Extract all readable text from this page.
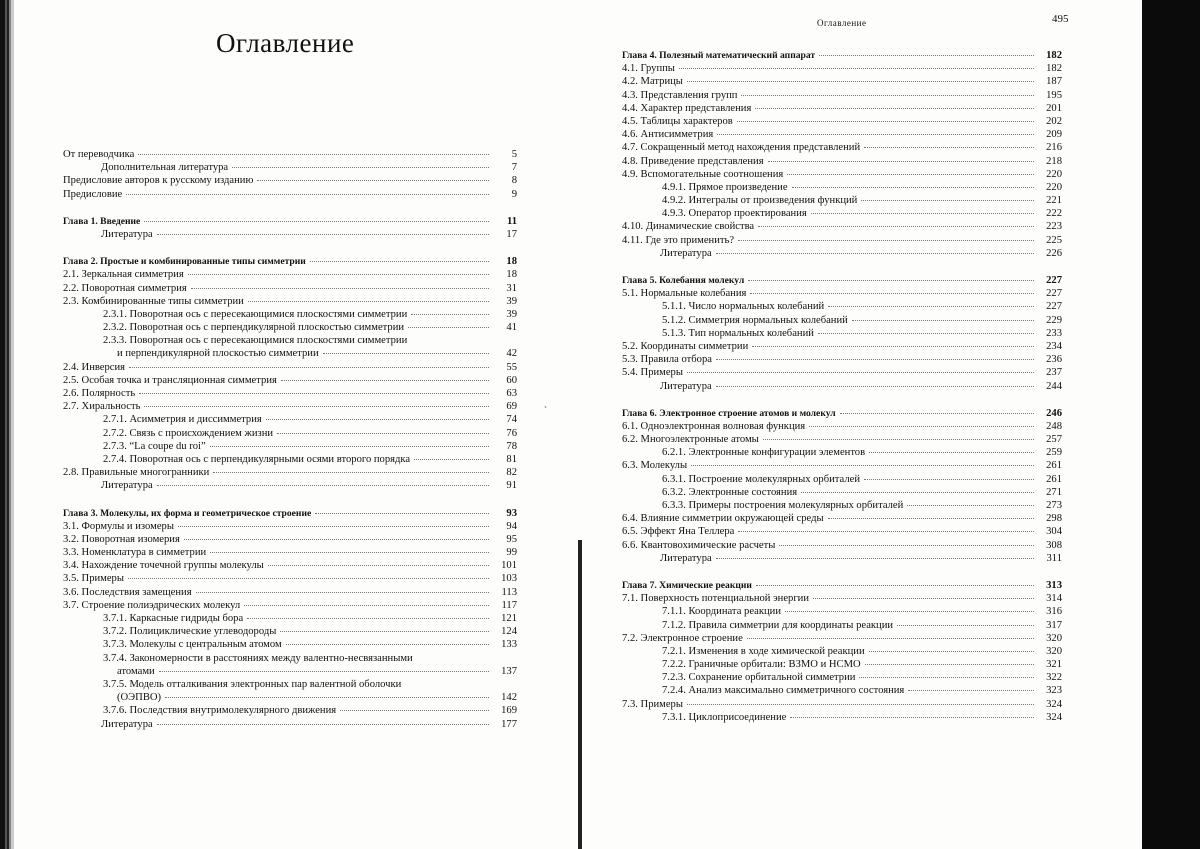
Оглавление
От переводчика	5
Дополнительная литература	7
Предисловие авторов к русскому изданию	8
Предисловие	9
Глава 1. Введение	11
Литература	17
Глава 2. Простые и комбинированные типы симметрии	18
2.1. Зеркальная симметрия	18
2.2. Поворотная симметрия	31
2.3. Комбинированные типы симметрии	39
2.3.1. Поворотная ось с пересекающимися плоскостями симметрии	39
2.3.2. Поворотная ось с перпендикулярной плоскостью симметрии	41
2.3.3. Поворотная ось с пересекающимися плоскостями симметрии
и перпендикулярной плоскостью симметрии	42
2.4. Инверсия	55
2.5. Особая точка и трансляционная симметрия	60
2.6. Полярность	63
2.7. Хиральность	69
2.7.1. Асимметрия и диссимметрия	74
2.7.2. Связь с происхождением жизни	76
2.7.3. “La coupe du roi”	78
2.7.4. Поворотная ось с перпендикулярными осями второго порядка	81
2.8. Правильные многогранники	82
Литература	91
Глава 3. Молекулы, их форма и геометрическое строение	93
3.1. Формулы и изомеры	94
3.2. Поворотная изомерия	95
3.3. Номенклатура в симметрии	99
3.4. Нахождение точечной группы молекулы	101
3.5. Примеры	103
3.6. Последствия замещения	113
3.7. Строение полиэдрических молекул	117
3.7.1. Каркасные гидриды бора	121
3.7.2. Полициклические углеводороды	124
3.7.3. Молекулы с центральным атомом	133
3.7.4. Закономерности в расстояниях между валентно-несвязанными
атомами	137
3.7.5. Модель отталкивания электронных пар валентной оболочки
(ОЭПВО)	142
3.7.6. Последствия внутримолекулярного движения	169
Литература	177
ˎ
Оглавление	495
Глава 4. Полезный математический аппарат	182
4.1. Группы	182
4.2. Матрицы	187
4.3. Представления групп	195
4.4. Характер представления	201
4.5. Таблицы характеров	202
4.6. Антисимметрия	209
4.7. Сокращенный метод нахождения представлений	216
4.8. Приведение представления	218
4.9. Вспомогательные соотношения	220
4.9.1. Прямое произведение	220
4.9.2. Интегралы от произведения функций	221
4.9.3. Оператор проектирования	222
4.10. Динамические свойства	223
4.11. Где это применить?	225
Литература	226
Глава 5. Колебания молекул	227
5.1. Нормальные колебания	227
5.1.1. Число нормальных колебаний	227
5.1.2. Симметрия нормальных колебаний	229
5.1.3. Тип нормальных колебаний	233
5.2. Координаты симметрии	234
5.3. Правила отбора	236
5.4. Примеры	237
Литература	244
Глава 6. Электронное строение атомов и молекул	246
6.1. Одноэлектронная волновая функция	248
6.2. Многоэлектронные атомы	257
6.2.1. Электронные конфигурации элементов	259
6.3. Молекулы	261
6.3.1. Построение молекулярных орбиталей	261
6.3.2. Электронные состояния	271
6.3.3. Примеры построения молекулярных орбиталей	273
6.4. Влияние симметрии окружающей среды	298
6.5. Эффект Яна Теллера	304
6.6. Квантовохимические расчеты	308
Литература	311
Глава 7. Химические реакции	313
7.1. Поверхность потенциальной энергии	314
7.1.1. Координата реакции	316
7.1.2. Правила симметрии для координаты реакции	317
7.2. Электронное строение	320
7.2.1. Изменения в ходе химической реакции	320
7.2.2. Граничные орбитали: ВЗМО и НСМО	321
7.2.3. Сохранение орбитальной симметрии	322
7.2.4. Анализ максимально симметричного состояния	323
7.3. Примеры	324
7.3.1. Циклоприсоединение	324
